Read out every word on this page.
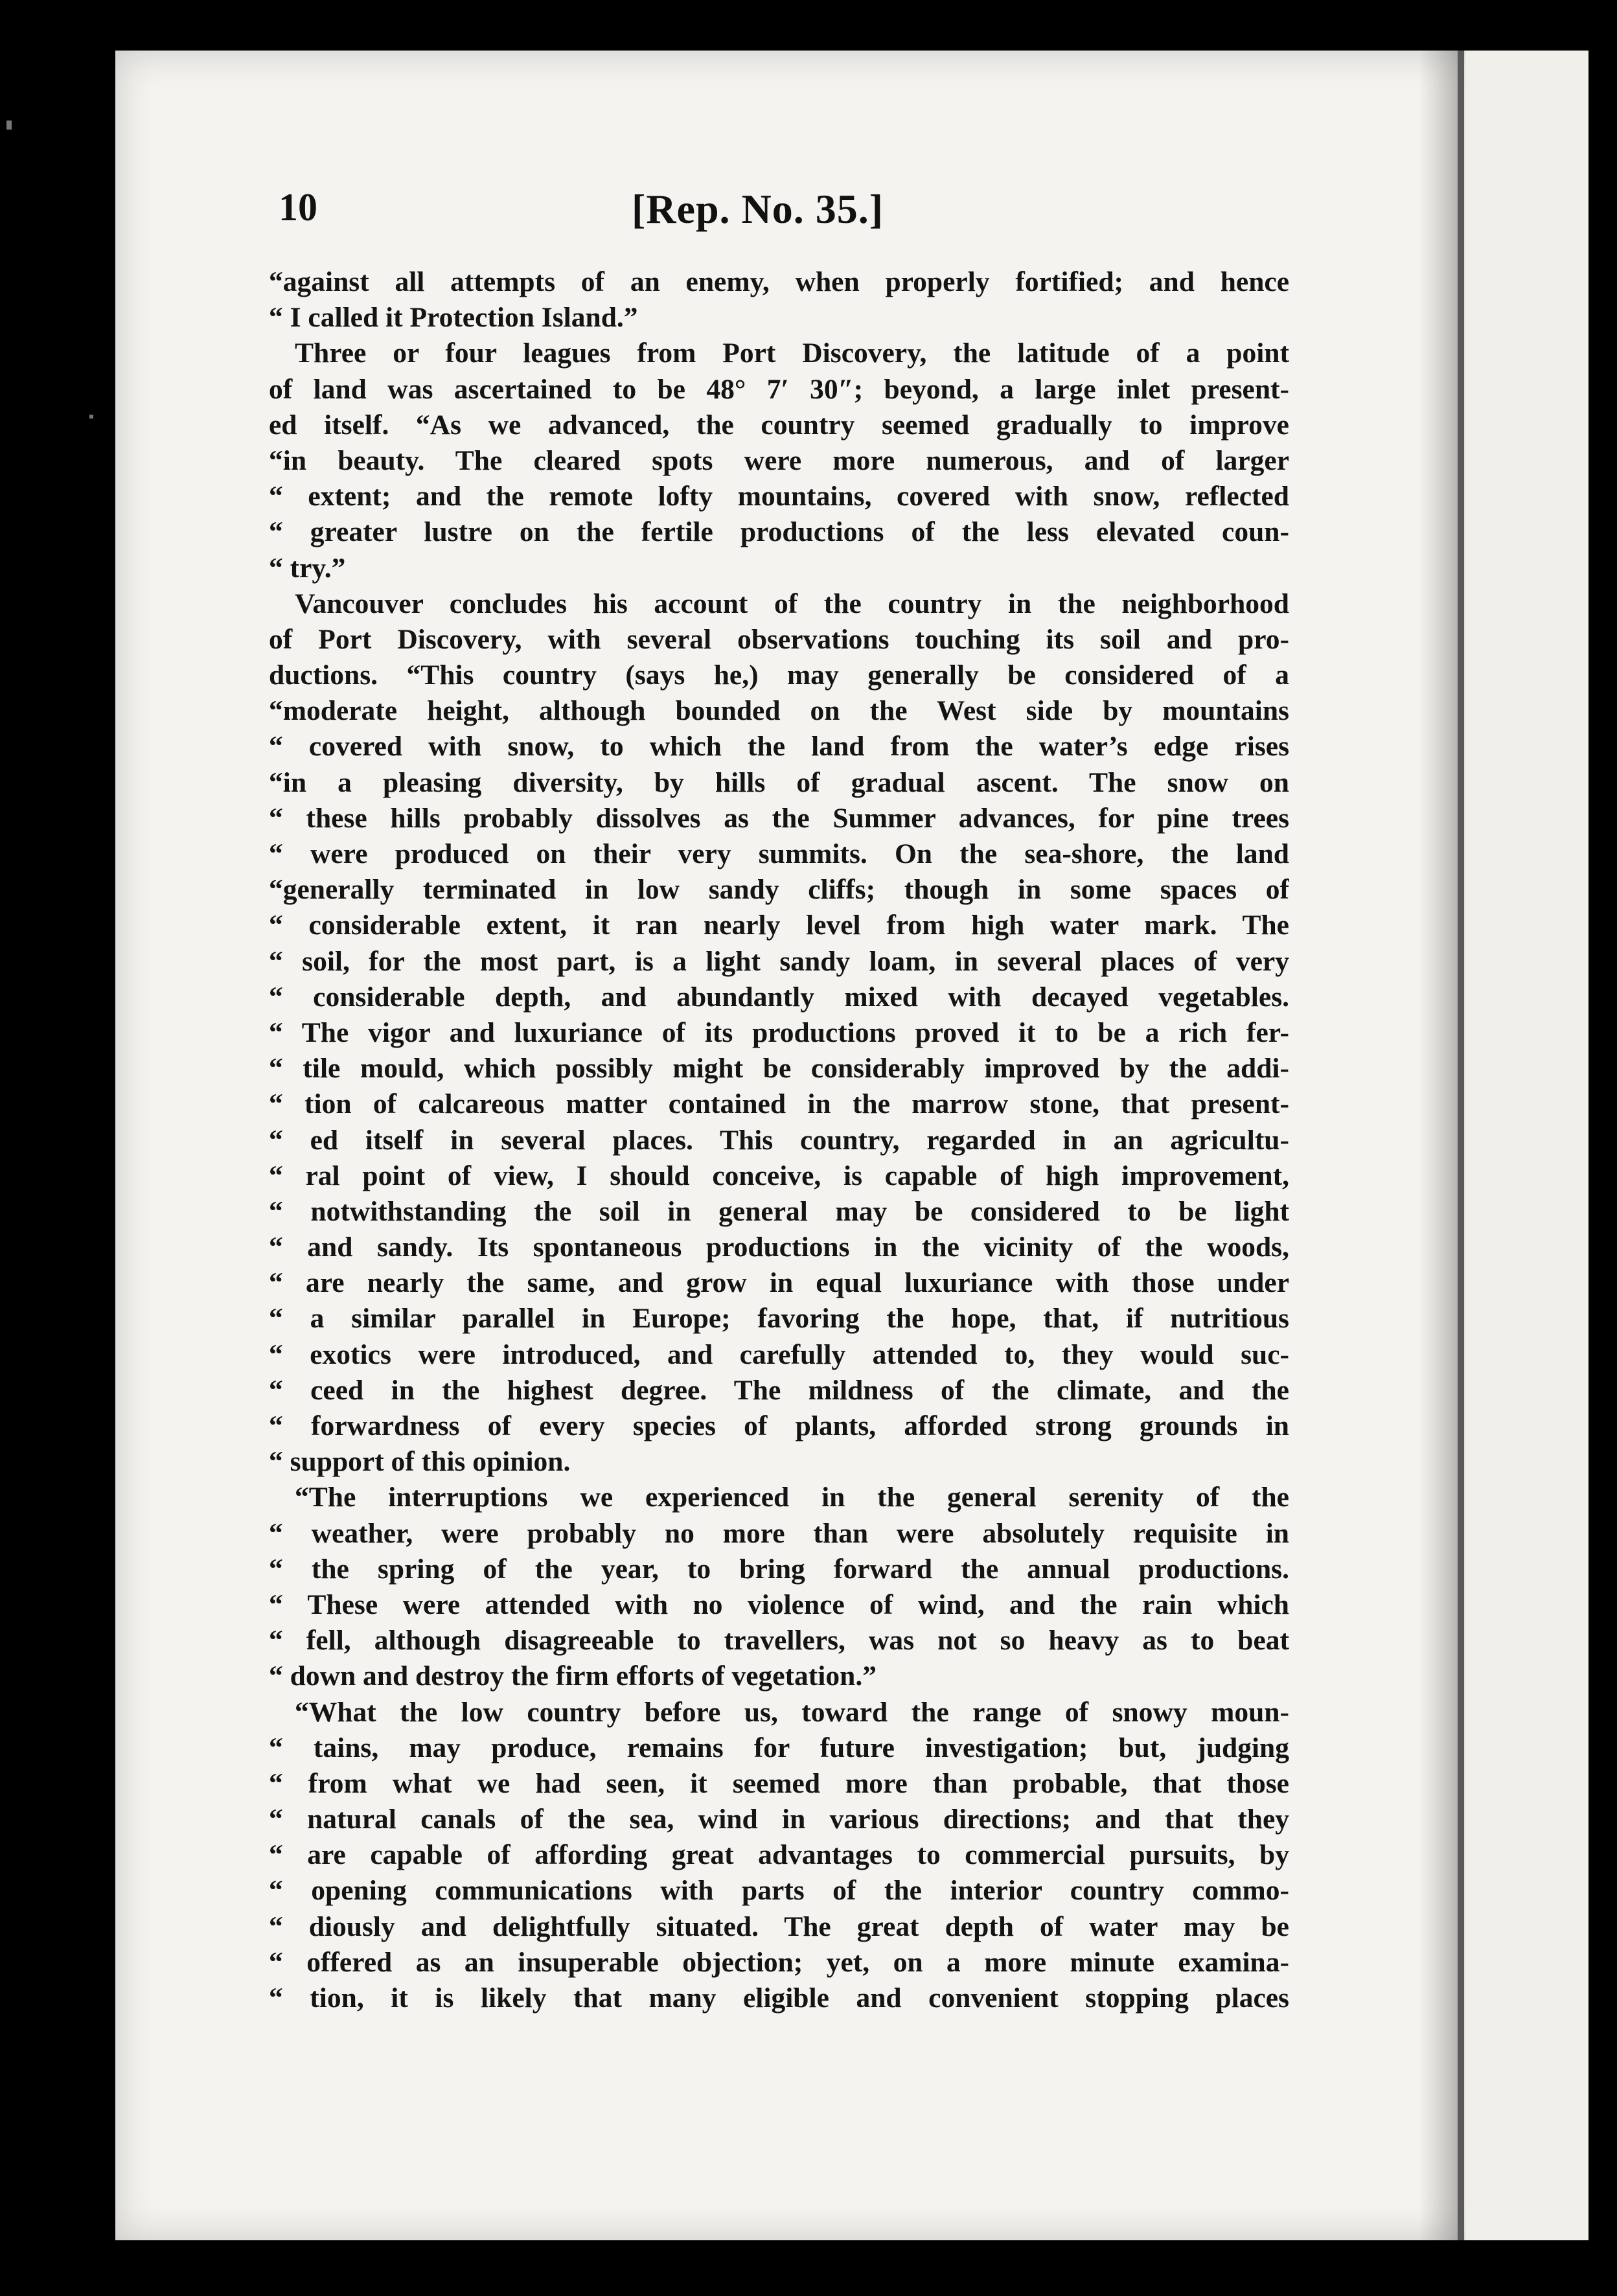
10	[Rep. No. 35.]
“against all attempts of an enemy, when properly fortified; and hence
“ I called it Protection Island.”
Three or four leagues from Port Discovery, the latitude of a point
of land was ascertained to be 48° 7′ 30″; beyond, a large inlet present-
ed itself. “As we advanced, the country seemed gradually to improve
“in beauty. The cleared spots were more numerous, and of larger
“ extent; and the remote lofty mountains, covered with snow, reflected
“ greater lustre on the fertile productions of the less elevated coun-
“ try.”
Vancouver concludes his account of the country in the neighborhood
of Port Discovery, with several observations touching its soil and pro-
ductions. “This country (says he,) may generally be considered of a
“moderate height, although bounded on the West side by mountains
“ covered with snow, to which the land from the water’s edge rises
“in a pleasing diversity, by hills of gradual ascent. The snow on
“ these hills probably dissolves as the Summer advances, for pine trees
“ were produced on their very summits. On the sea-shore, the land
“generally terminated in low sandy cliffs; though in some spaces of
“ considerable extent, it ran nearly level from high water mark. The
“ soil, for the most part, is a light sandy loam, in several places of very
“ considerable depth, and abundantly mixed with decayed vegetables.
“ The vigor and luxuriance of its productions proved it to be a rich fer-
“ tile mould, which possibly might be considerably improved by the addi-
“ tion of calcareous matter contained in the marrow stone, that present-
“ ed itself in several places. This country, regarded in an agricultu-
“ ral point of view, I should conceive, is capable of high improvement,
“ notwithstanding the soil in general may be considered to be light
“ and sandy. Its spontaneous productions in the vicinity of the woods,
“ are nearly the same, and grow in equal luxuriance with those under
“ a similar parallel in Europe; favoring the hope, that, if nutritious
“ exotics were introduced, and carefully attended to, they would suc-
“ ceed in the highest degree. The mildness of the climate, and the
“ forwardness of every species of plants, afforded strong grounds in
“ support of this opinion.
“The interruptions we experienced in the general serenity of the
“ weather, were probably no more than were absolutely requisite in
“ the spring of the year, to bring forward the annual productions.
“ These were attended with no violence of wind, and the rain which
“ fell, although disagreeable to travellers, was not so heavy as to beat
“ down and destroy the firm efforts of vegetation.”
“What the low country before us, toward the range of snowy moun-
“ tains, may produce, remains for future investigation; but, judging
“ from what we had seen, it seemed more than probable, that those
“ natural canals of the sea, wind in various directions; and that they
“ are capable of affording great advantages to commercial pursuits, by
“ opening communications with parts of the interior country commo-
“ diously and delightfully situated. The great depth of water may be
“ offered as an insuperable objection; yet, on a more minute examina-
“ tion, it is likely that many eligible and convenient stopping places
